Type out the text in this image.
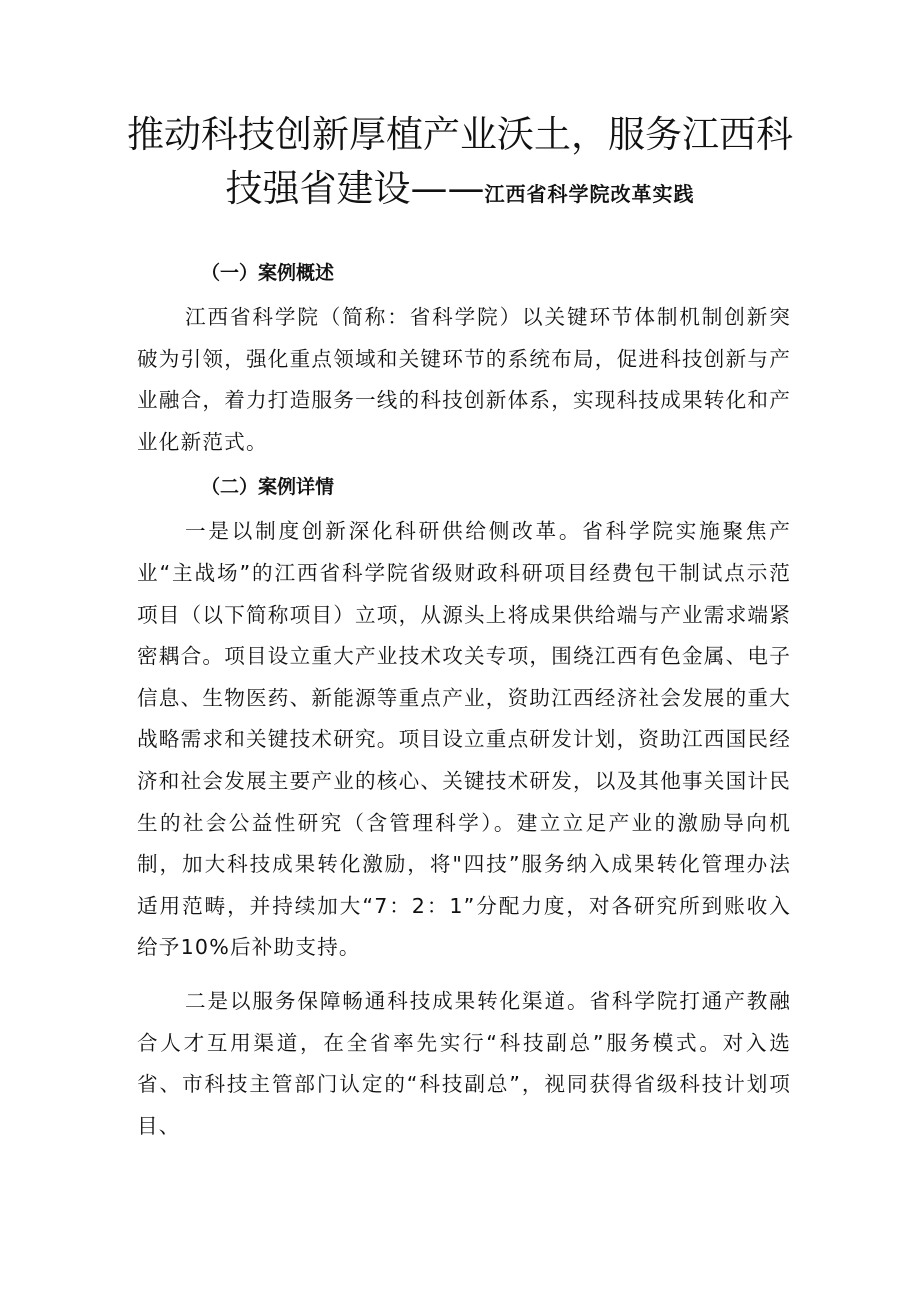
推动科技创新厚植产业沃土，服务江西科
技强省建设——江西省科学院改革实践

（一）案例概述

江西省科学院（简称：省科学院）以关键环节体制机制创新突破为引领，强化重点领域和关键环节的系统布局，促进科技创新与产业融合，着力打造服务一线的科技创新体系，实现科技成果转化和产业化新范式。

（二）案例详情

一是以制度创新深化科研供给侧改革。省科学院实施聚焦产业“主战场”的江西省科学院省级财政科研项目经费包干制试点示范项目（以下简称项目）立项，从源头上将成果供给端与产业需求端紧密耦合。项目设立重大产业技术攻关专项，围绕江西有色金属、电子信息、生物医药、新能源等重点产业，资助江西经济社会发展的重大战略需求和关键技术研究。项目设立重点研发计划，资助江西国民经济和社会发展主要产业的核心、关键技术研发，以及其他事关国计民生的社会公益性研究（含管理科学）。建立立足产业的激励导向机制，加大科技成果转化激励，将"四技”服务纳入成果转化管理办法适用范畴，并持续加大“7：2：1”分配力度，对各研究所到账收入给予10%后补助支持。

二是以服务保障畅通科技成果转化渠道。省科学院打通产教融合人才互用渠道，在全省率先实行“科技副总”服务模式。对入选省、市科技主管部门认定的“科技副总”，视同获得省级科技计划项目、
